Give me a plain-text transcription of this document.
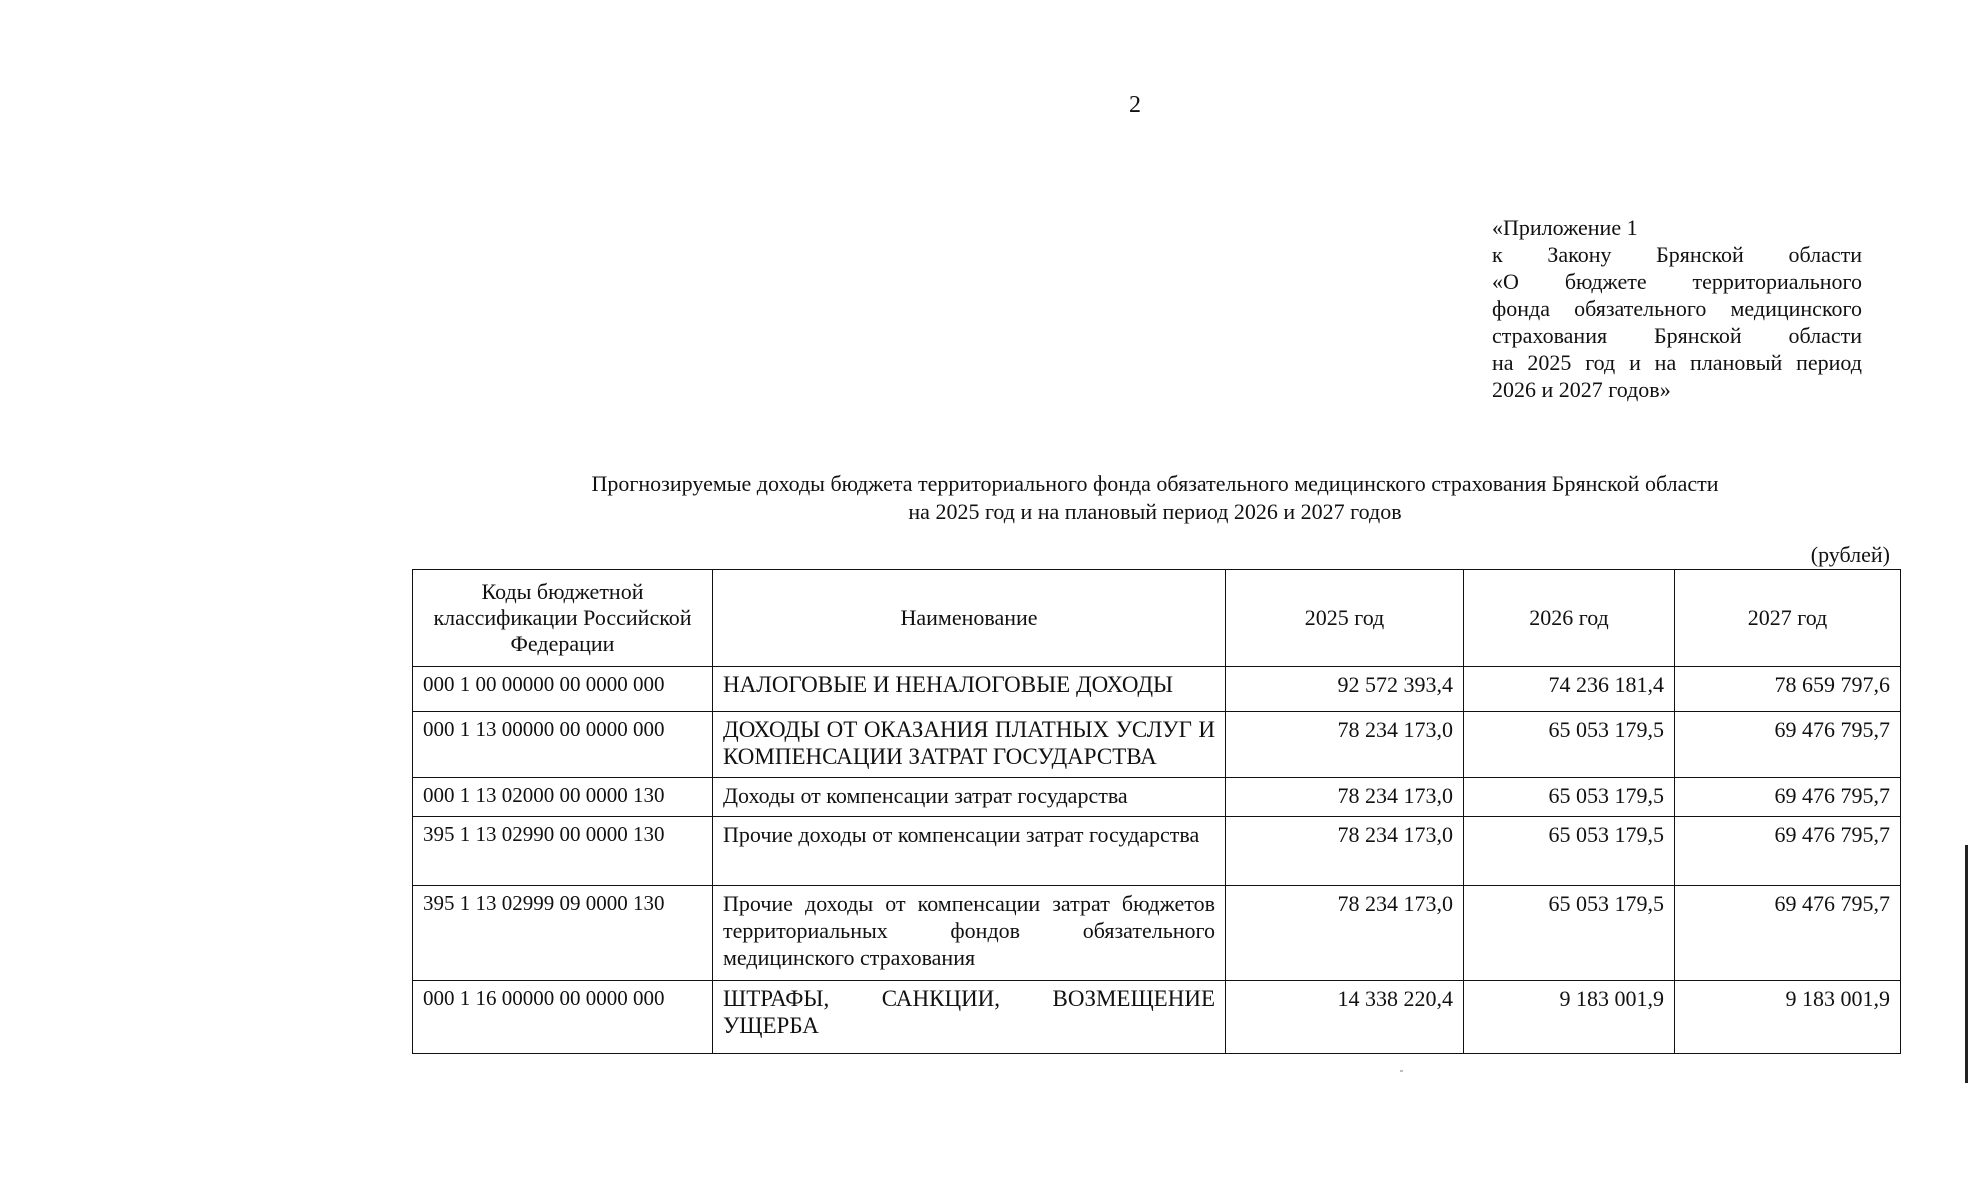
2
«Приложение 1
к Закону Брянской области
«О бюджете территориального
фонда обязательного медицинского
страхования Брянской области
на 2025 год и на плановый период
2026 и 2027 годов»
Прогнозируемые доходы бюджета территориального фонда обязательного медицинского страхования Брянской области
на 2025 год и на плановый период 2026 и 2027 годов
(рублей)
Коды бюджетной классификации Российской Федерации	Наименование	2025 год	2026 год	2027 год
000 1 00 00000 00 0000 000	НАЛОГОВЫЕ И НЕНАЛОГОВЫЕ ДОХОДЫ	92 572 393,4	74 236 181,4	78 659 797,6
000 1 13 00000 00 0000 000	ДОХОДЫ ОТ ОКАЗАНИЯ ПЛАТНЫХ УСЛУГ И КОМПЕНСАЦИИ ЗАТРАТ ГОСУДАРСТВА	78 234 173,0	65 053 179,5	69 476 795,7
000 1 13 02000 00 0000 130	Доходы от компенсации затрат государства	78 234 173,0	65 053 179,5	69 476 795,7
395 1 13 02990 00 0000 130	Прочие доходы от компенсации затрат государства	78 234 173,0	65 053 179,5	69 476 795,7
395 1 13 02999 09 0000 130	Прочие доходы от компенсации затрат бюджетов территориальных фондов обязательного медицинского страхования	78 234 173,0	65 053 179,5	69 476 795,7
000 1 16 00000 00 0000 000	ШТРАФЫ, САНКЦИИ, ВОЗМЕЩЕНИЕ УЩЕРБА	14 338 220,4	9 183 001,9	9 183 001,9
